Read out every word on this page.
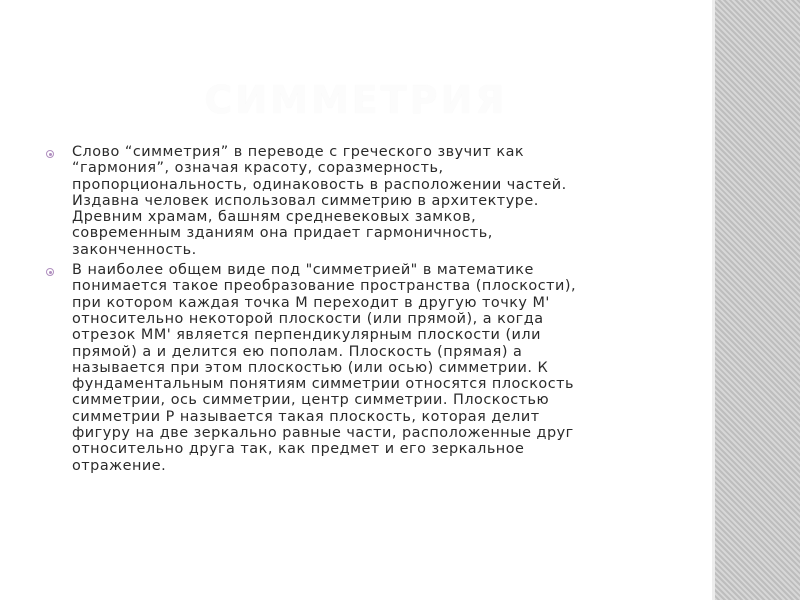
СИММЕТРИЯ
Слово “симметрия” в переводе с греческого звучит как
“гармония”, означая красоту, соразмерность,
пропорциональность, одинаковость в расположении частей.
Издавна человек использовал симметрию в архитектуре.
Древним храмам, башням средневековых замков,
современным зданиям она придает гармоничность,
законченность.
В наиболее общем виде под "симметрией" в математике
понимается такое преобразование пространства (плоскости),
при котором каждая точка М переходит в другую точку М'
относительно некоторой плоскости (или прямой), а когда
отрезок ММ' является перпендикулярным плоскости (или
прямой) а и делится ею пополам. Плоскость (прямая) а
называется при этом плоскостью (или осью) симметрии. К
фундаментальным понятиям симметрии относятся плоскость
симметрии, ось симметрии, центр симметрии. Плоскостью
симметрии Р называется такая плоскость, которая делит
фигуру на две зеркально равные части, расположенные друг
относительно друга так, как предмет и его зеркальное
отражение.
